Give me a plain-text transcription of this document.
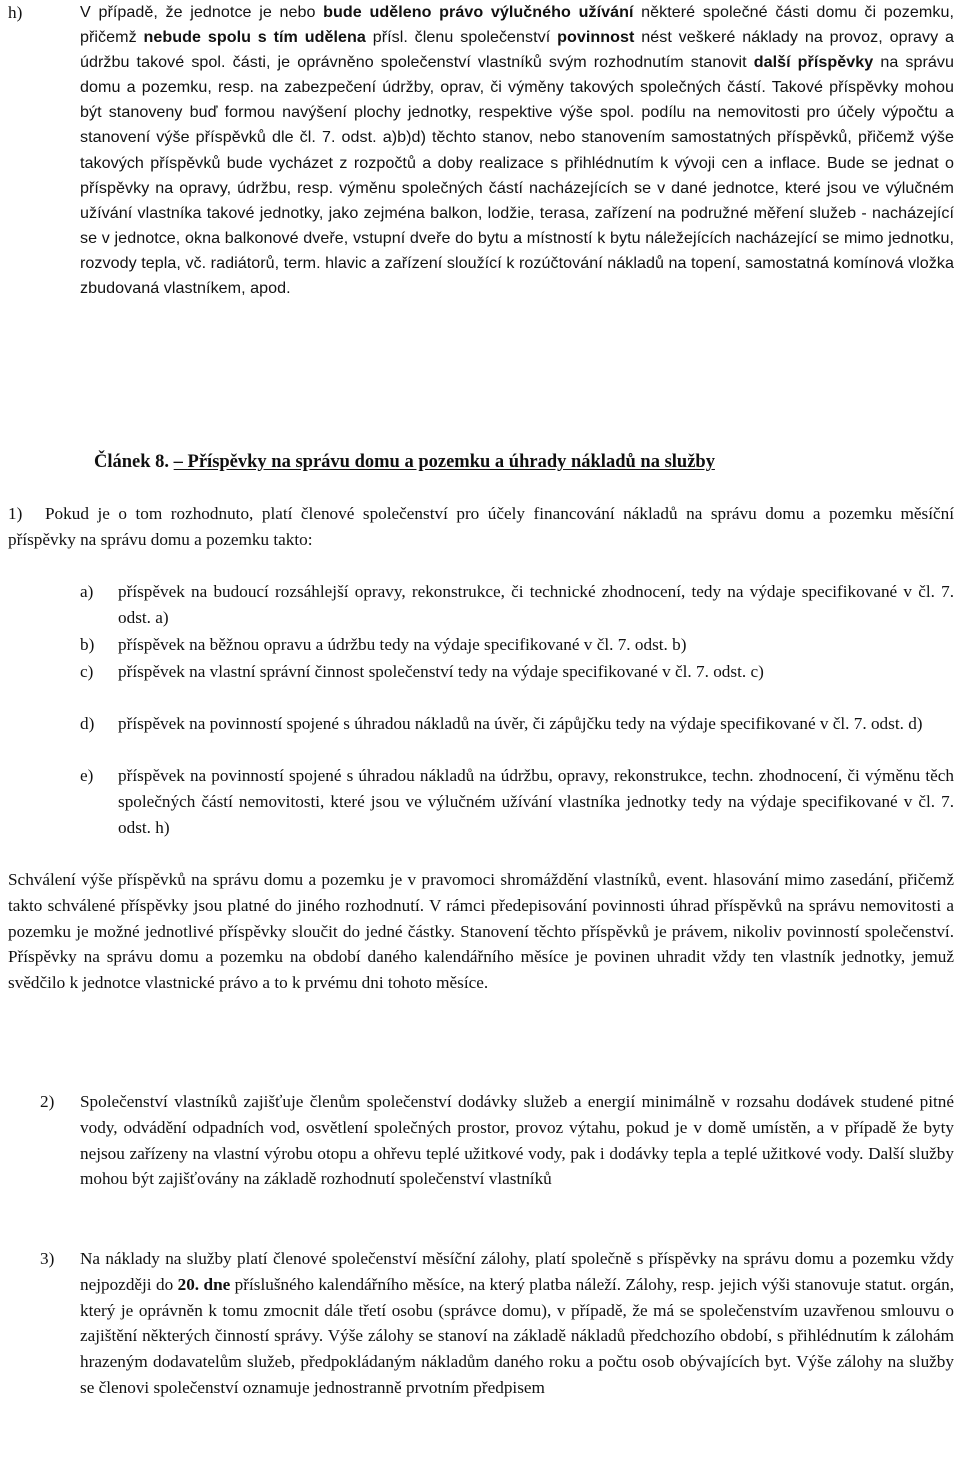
h)	V případě, že jednotce je nebo bude uděleno právo výlučného užívání některé společné části domu či pozemku, přičemž nebude spolu s tím udělena přísl. členu společenství povinnost nést veškeré náklady na provoz, opravy a údržbu takové spol. části, je oprávněno společenství vlastníků svým rozhodnutím stanovit další příspěvky na správu domu a pozemku, resp. na zabezpečení údržby, oprav, či výměny takových společných částí. Takové příspěvky mohou být stanoveny buď formou navýšení plochy jednotky, respektive výše spol. podílu na nemovitosti pro účely výpočtu a stanovení výše příspěvků dle čl. 7. odst. a)b)d) těchto stanov, nebo stanovením samostatných příspěvků, přičemž výše takových příspěvků bude vycházet z rozpočtů a doby realizace s přihlédnutím k vývoji cen a inflace. Bude se jednat o příspěvky na opravy, údržbu, resp. výměnu společných částí nacházejících se v dané jednotce, které jsou ve výlučném užívání vlastníka takové jednotky, jako zejména balkon, lodžie, terasa, zařízení na podružné měření služeb - nacházející se v jednotce, okna balkonové dveře, vstupní dveře do bytu a místností k bytu náležejících nacházející se mimo jednotku, rozvody tepla, vč. radiátorů, term. hlavic a zařízení sloužící k rozúčtování nákladů na topení, samostatná komínová vložka zbudovaná vlastníkem, apod.
Článek 8. – Příspěvky na správu domu a pozemku a úhrady nákladů na služby
1)	Pokud je o tom rozhodnuto, platí členové společenství pro účely financování nákladů na správu domu a pozemku měsíční příspěvky na správu domu a pozemku takto:
a) příspěvek na budoucí rozsáhlejší opravy, rekonstrukce, či technické zhodnocení, tedy na výdaje specifikované v čl. 7. odst. a)
b) příspěvek na běžnou opravu a údržbu tedy na výdaje specifikované v čl. 7. odst. b)
c) příspěvek na vlastní správní činnost společenství tedy na výdaje specifikované v čl. 7. odst. c)
d) příspěvek na povinností spojené s úhradou nákladů na úvěr, či zápůjčku tedy na výdaje specifikované v čl. 7. odst. d)
e) příspěvek na povinností spojené s úhradou nákladů na údržbu, opravy, rekonstrukce, techn. zhodnocení, či výměnu těch společných částí nemovitosti, které jsou ve výlučném užívání vlastníka jednotky tedy na výdaje specifikované v čl. 7. odst. h)
Schválení výše příspěvků na správu domu a pozemku je v pravomoci shromáždění vlastníků, event. hlasování mimo zasedání, přičemž takto schválené příspěvky jsou platné do jiného rozhodnutí. V rámci předepisování povinnosti úhrad příspěvků na správu nemovitosti a pozemku je možné jednotlivé příspěvky sloučit do jedné částky. Stanovení těchto příspěvků je právem, nikoliv povinností společenství. Příspěvky na správu domu a pozemku na období daného kalendářního měsíce je povinen uhradit vždy ten vlastník jednotky, jemuž svědčilo k jednotce vlastnické právo a to k prvému dni tohoto měsíce.
2) Společenství vlastníků zajišťuje členům společenství dodávky služeb a energií minimálně v rozsahu dodávek studené pitné vody, odvádění odpadních vod, osvětlení společných prostor, provoz výtahu, pokud je v domě umístěn, a v případě že byty nejsou zařízeny na vlastní výrobu otopu a ohřevu teplé užitkové vody, pak i dodávky tepla a teplé užitkové vody. Další služby mohou být zajišťovány na základě rozhodnutí společenství vlastníků
3) Na náklady na služby platí členové společenství měsíční zálohy, platí společně s příspěvky na správu domu a pozemku vždy nejpozději do 20. dne příslušného kalendářního měsíce, na který platba náleží. Zálohy, resp. jejich výši stanovuje statut. orgán, který je oprávněn k tomu zmocnit dále třetí osobu (správce domu), v případě, že má se společenstvím uzavřenou smlouvu o zajištění některých činností správy. Výše zálohy se stanoví na základě nákladů předchozího období, s přihlédnutím k zálohám hrazeným dodavatelům služeb, předpokládaným nákladům daného roku a počtu osob obývajících byt. Výše zálohy na služby se členovi společenství oznamuje jednostranně prvotním předpisem
